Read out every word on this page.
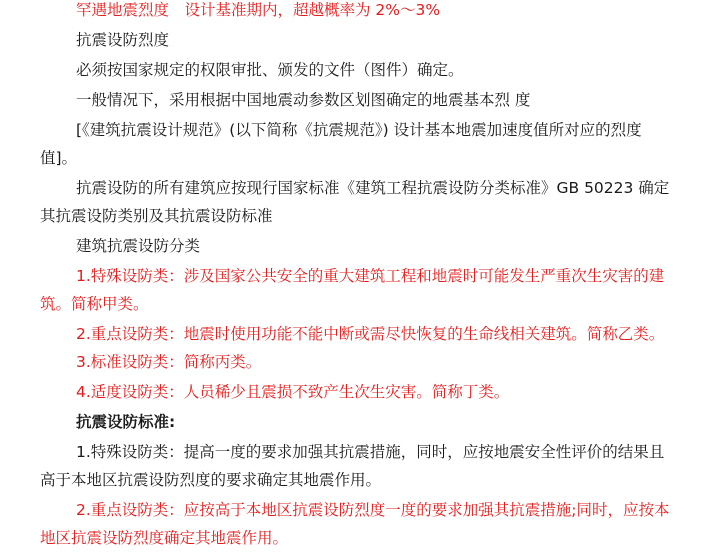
罕遇地震烈度　设计基准期内，超越概率为 2%～3%
抗震设防烈度
必须按国家规定的权限审批、颁发的文件（图件）确定。
一般情况下，采用根据中国地震动参数区划图确定的地震基本烈 度
[《建筑抗震设计规范》(以下简称《抗震规范》) 设计基本地震加速度值所对应的烈度
值]。
抗震设防的所有建筑应按现行国家标准《建筑工程抗震设防分类标准》GB 50223 确定
其抗震设防类别及其抗震设防标准
建筑抗震设防分类
1.特殊设防类：涉及国家公共安全的重大建筑工程和地震时可能发生严重次生灾害的建
筑。简称甲类。
2.重点设防类：地震时使用功能不能中断或需尽快恢复的生命线相关建筑。简称乙类。
3.标准设防类：简称丙类。
4.适度设防类：人员稀少且震损不致产生次生灾害。简称丁类。
抗震设防标准:
1.特殊设防类：提高一度的要求加强其抗震措施，同时，应按地震安全性评价的结果且
高于本地区抗震设防烈度的要求确定其地震作用。
2.重点设防类：应按高于本地区抗震设防烈度一度的要求加强其抗震措施;同时，应按本
地区抗震设防烈度确定其地震作用。
